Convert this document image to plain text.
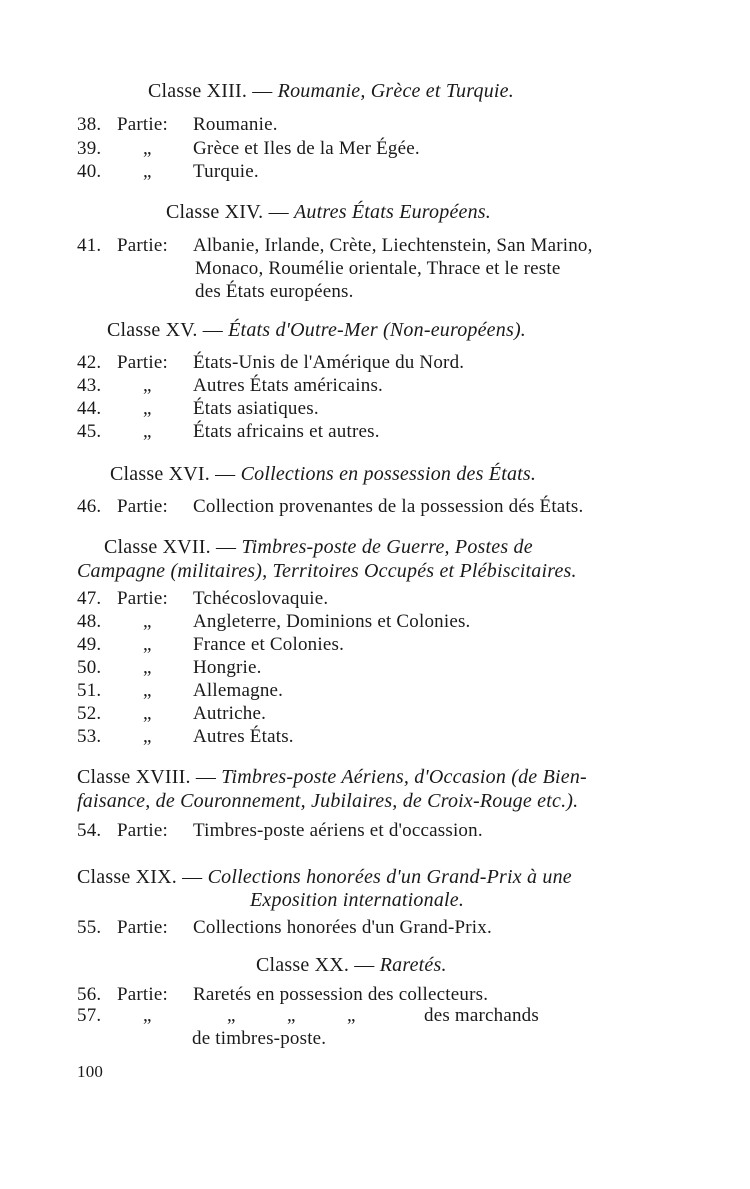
Classe XIII. — Roumanie, Grèce et Turquie.
38. Partie: Roumanie.
39. „ Grèce et Iles de la Mer Égée.
40. „ Turquie.
Classe XIV. — Autres États Européens.
41. Partie: Albanie, Irlande, Crète, Liechtenstein, San Marino,
Monaco, Roumélie orientale, Thrace et le reste
des États européens.
Classe XV. — États d'Outre-Mer (Non-européens).
42. Partie: États-Unis de l'Amérique du Nord.
43. „ Autres États américains.
44. „ États asiatiques.
45. „ États africains et autres.
Classe XVI. — Collections en possession des États.
46. Partie: Collection provenantes de la possession dés États.
Classe XVII. — Timbres-poste de Guerre, Postes de
Campagne (militaires), Territoires Occupés et Plébiscitaires.
47. Partie: Tchécoslovaquie.
48. „ Angleterre, Dominions et Colonies.
49. „ France et Colonies.
50. „ Hongrie.
51. „ Allemagne.
52. „ Autriche.
53. „ Autres États.
Classe XVIII. — Timbres-poste Aériens, d'Occasion (de Bien-
faisance, de Couronnement, Jubilaires, de Croix-Rouge etc.).
54. Partie: Timbres-poste aériens et d'occassion.
Classe XIX. — Collections honorées d'un Grand-Prix à une
Exposition internationale.
55. Partie: Collections honorées d'un Grand-Prix.
Classe XX. — Raretés.
56. Partie: Raretés en possession des collecteurs.
57. „	„	„	„	des marchands
de timbres-poste.
100
